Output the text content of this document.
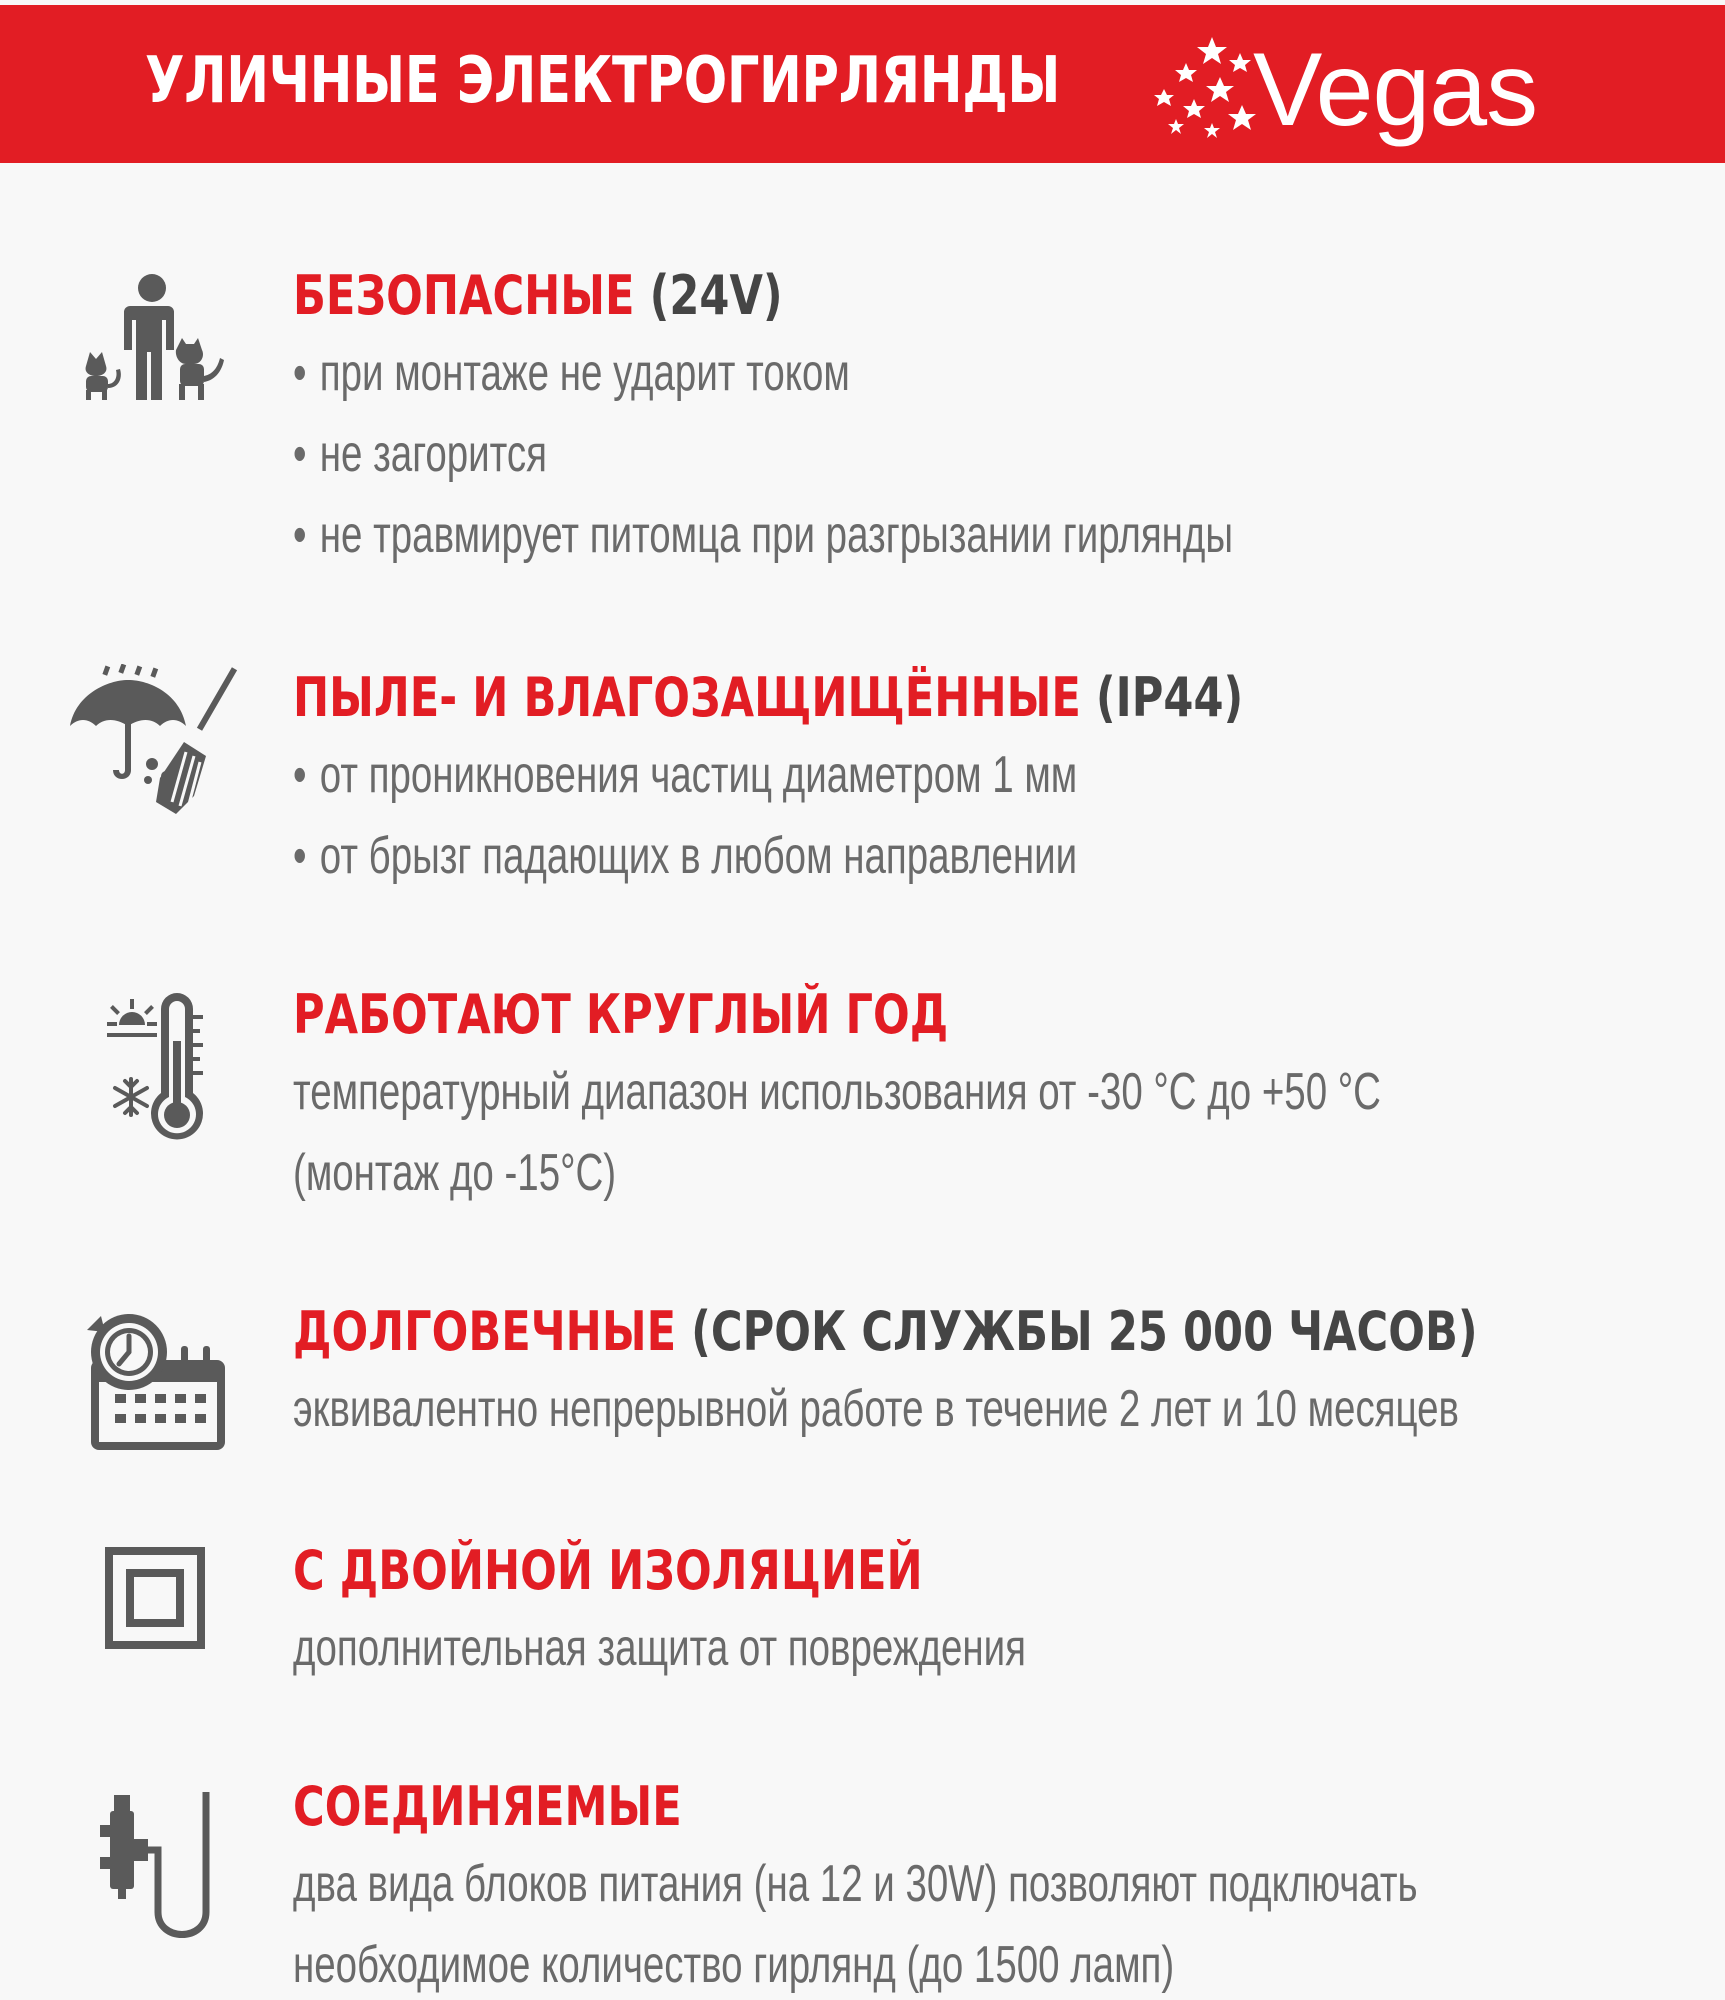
УЛИЧНЫЕ ЭЛЕКТРОГИРЛЯНДЫ Vegas
БЕЗОПАСНЫЕ (24V)
• при монтаже не ударит током
• не загорится
• не травмирует питомца при разгрызании гирлянды
ПЫЛЕ- И ВЛАГОЗАЩИЩЁННЫЕ (IP44)
• от проникновения частиц диаметром 1 мм
• от брызг падающих в любом направлении
РАБОТАЮТ КРУГЛЫЙ ГОД
температурный диапазон использования от -30 °С до +50 °С
(монтаж до -15°С)
ДОЛГОВЕЧНЫЕ (СРОК СЛУЖБЫ 25 000 ЧАСОВ)
эквивалентно непрерывной работе в течение 2 лет и 10 месяцев
С ДВОЙНОЙ ИЗОЛЯЦИЕЙ
дополнительная защита от повреждения
СОЕДИНЯЕМЫЕ
два вида блоков питания (на 12 и 30W) позволяют подключать
необходимое количество гирлянд (до 1500 ламп)
